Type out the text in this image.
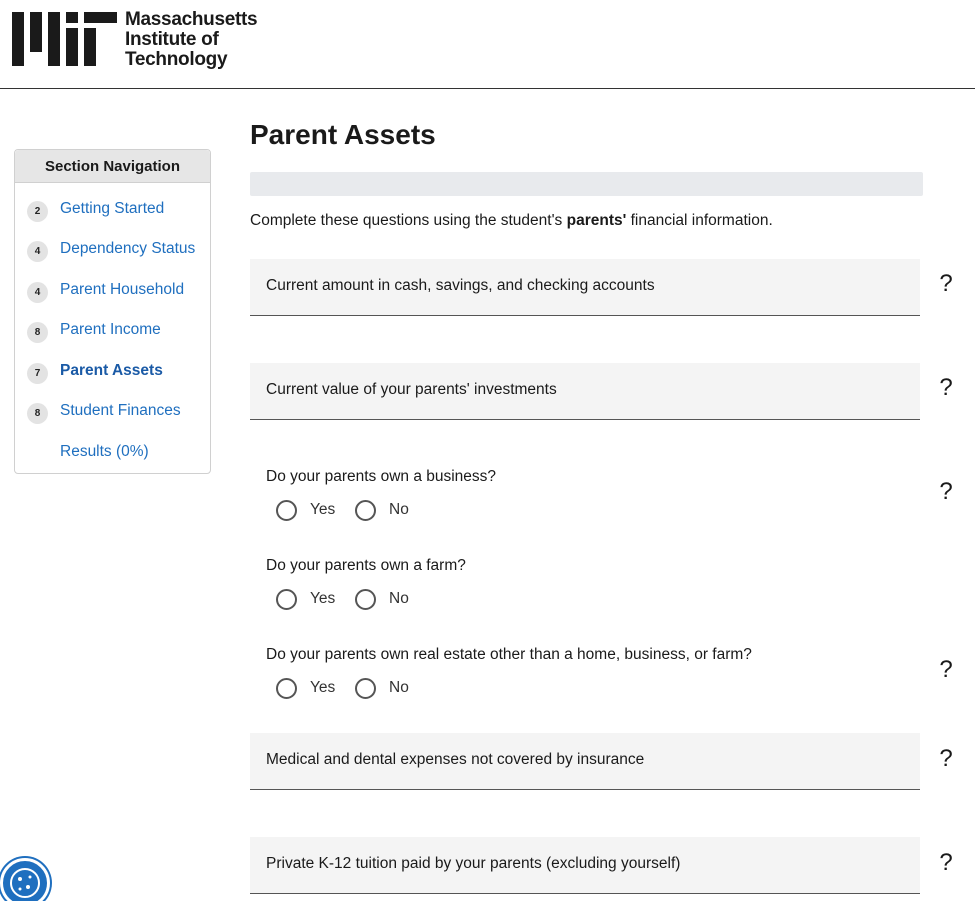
Massachusetts
Institute of
Technology
Section Navigation
2	Getting Started
4	Dependency Status
4	Parent Household
8	Parent Income
7	Parent Assets
8	Student Finances
Results (0%)
Parent Assets

Complete these questions using the student's parents' financial information.

Current amount in cash, savings, and checking accounts	?
Current value of your parents' investments	?
Do your parents own a business?
Yes	No
?
Do your parents own a farm?
Yes	No
Do your parents own real estate other than a home, business, or farm?
Yes	No
?
Medical and dental expenses not covered by insurance	?
Private K-12 tuition paid by your parents (excluding yourself)	?
